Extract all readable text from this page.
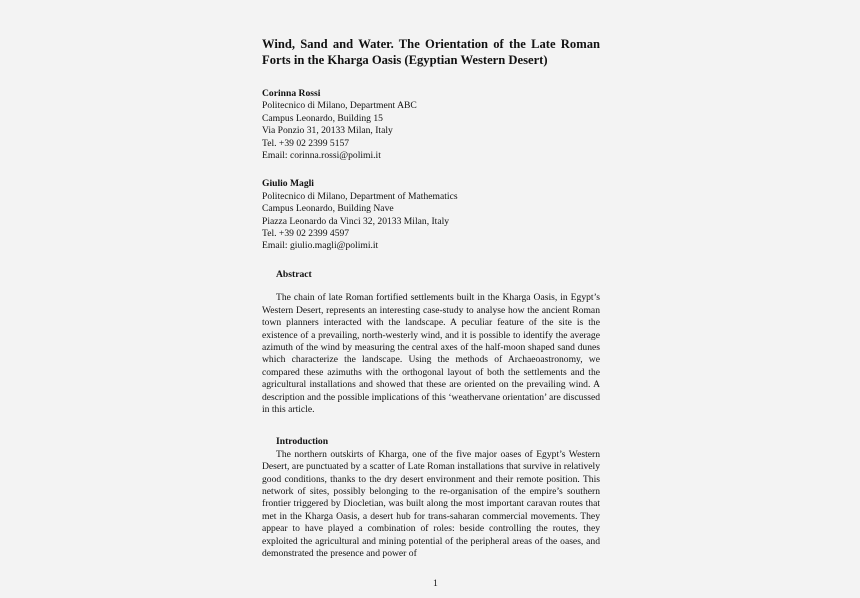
Wind, Sand and Water. The Orientation of the Late Roman Forts in the Kharga Oasis (Egyptian Western Desert)
Corinna Rossi
Politecnico di Milano, Department ABC
Campus Leonardo, Building 15
Via Ponzio 31, 20133 Milan, Italy
Tel. +39 02 2399 5157
Email: corinna.rossi@polimi.it
Giulio Magli
Politecnico di Milano, Department of Mathematics
Campus Leonardo, Building Nave
Piazza Leonardo da Vinci 32, 20133 Milan, Italy
Tel. +39 02 2399 4597
Email: giulio.magli@polimi.it
Abstract

The chain of late Roman fortified settlements built in the Kharga Oasis, in Egypt’s Western Desert, represents an interesting case-study to analyse how the ancient Roman town planners interacted with the landscape. A peculiar feature of the site is the existence of a prevailing, north-westerly wind, and it is possible to identify the average azimuth of the wind by measuring the central axes of the half-moon shaped sand dunes which characterize the landscape. Using the methods of Archaeoastronomy, we compared these azimuths with the orthogonal layout of both the settlements and the agricultural installations and showed that these are oriented on the prevailing wind. A description and the possible implications of this ‘weathervane orientation’ are discussed in this article.

Introduction

The northern outskirts of Kharga, one of the five major oases of Egypt’s Western Desert, are punctuated by a scatter of Late Roman installations that survive in relatively good conditions, thanks to the dry desert environment and their remote position. This network of sites, possibly belonging to the re-organisation of the empire’s southern frontier triggered by Diocletian, was built along the most important caravan routes that met in the Kharga Oasis, a desert hub for trans-saharan commercial movements. They appear to have played a combination of roles: beside controlling the routes, they exploited the agricultural and mining potential of the peripheral areas of the oases, and demonstrated the presence and power of

1
